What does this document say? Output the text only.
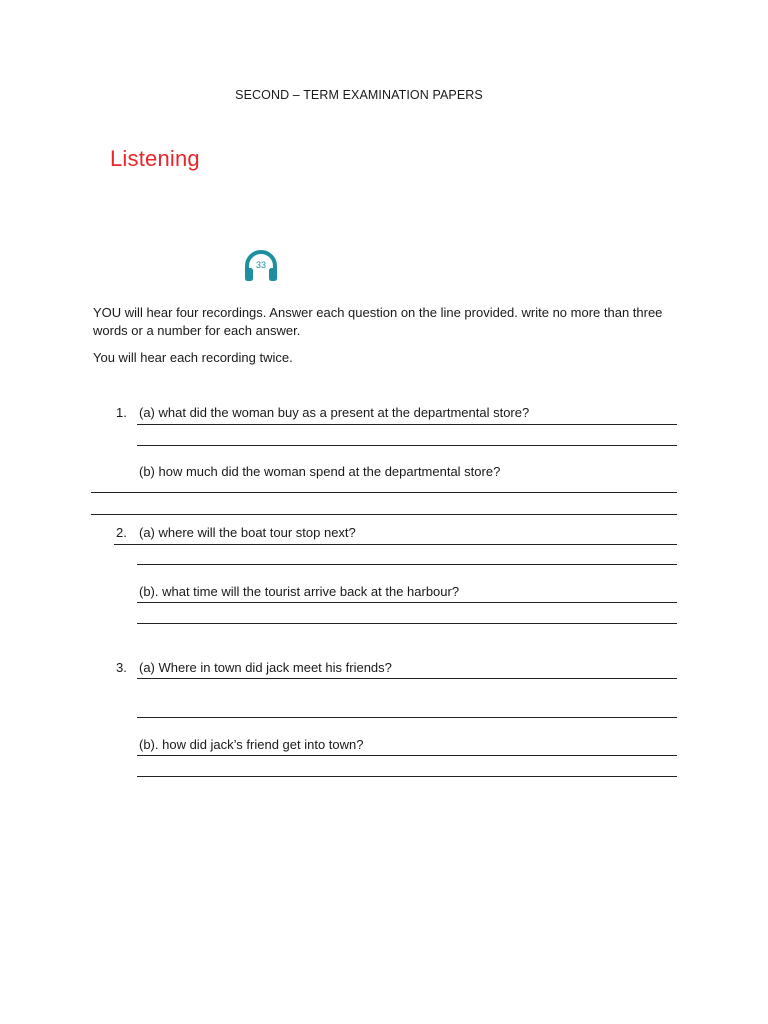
SECOND – TERM EXAMINATION PAPERS
Listening
33
YOU will hear four recordings. Answer each question on the line provided. write no more than three words or a number for each answer.
You will hear each recording twice.
1. (a) what did the woman buy as a present at the departmental store?
(b) how much did the woman spend at the departmental store?
2. (a) where will the boat tour stop next?
(b). what time will the tourist arrive back at the harbour?
3. (a) Where in town did jack meet his friends?
(b). how did jack’s friend get into town?
